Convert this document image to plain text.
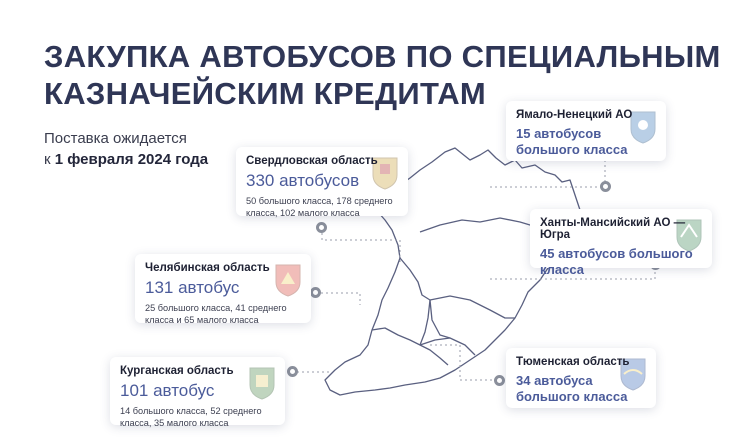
ЗАКУПКА АВТОБУСОВ ПО СПЕЦИАЛЬНЫМ
КАЗНАЧЕЙСКИМ КРЕДИТАМ
Поставка ожидается
к 1 февраля 2024 года	Свердловская область
330 автобусов
50 большого класса, 178 среднего класса, 102 малого класса
Челябинская область
131 автобус
25 большого класса, 41 среднего класса и 65 малого класса
Курганская область
101 автобус
14 большого класса, 52 среднего класса, 35 малого класса
Ямало-Ненецкий АО
15 автобусов большого класса
Ханты-Мансийский АО — Югра
45 автобусов большого класса
Тюменская область
34 автобуса большого класса
